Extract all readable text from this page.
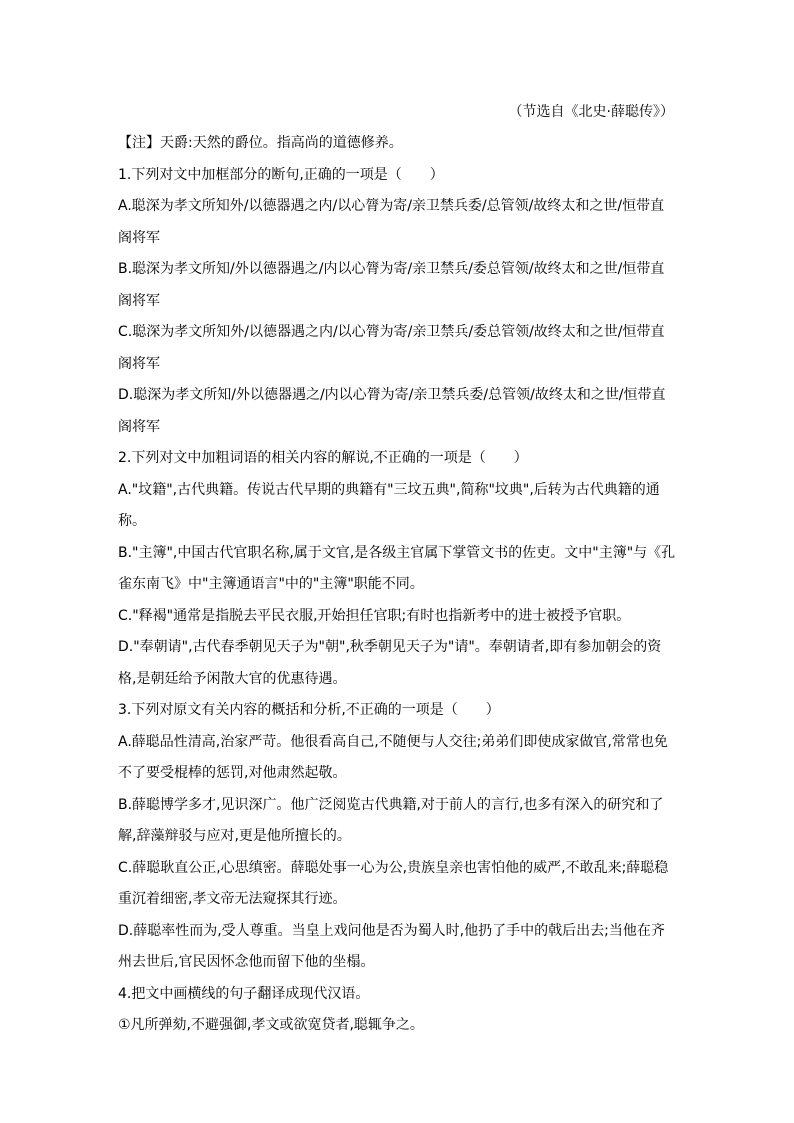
（节选自《北史·薛聪传》）
【注】天爵:天然的爵位。指高尚的道德修养。
1.下列对文中加框部分的断句,正确的一项是（　　）
A.聪深为孝文所知外/以德器遇之内/以心膂为寄/亲卫禁兵委/总管领/故终太和之世/恒带直
阁将军
B.聪深为孝文所知/外以德器遇之/内以心膂为寄/亲卫禁兵/委总管领/故终太和之世/恒带直
阁将军
C.聪深为孝文所知外/以德器遇之内/以心膂为寄/亲卫禁兵/委总管领/故终太和之世/恒带直
阁将军
D.聪深为孝文所知/外以德器遇之/内以心膂为寄/亲卫禁兵委/总管领/故终太和之世/恒带直
阁将军
2.下列对文中加粗词语的相关内容的解说,不正确的一项是（　　）
A."坟籍",古代典籍。传说古代早期的典籍有"三坟五典",简称"坟典",后转为古代典籍的通
称。
B."主簿",中国古代官职名称,属于文官,是各级主官属下掌管文书的佐吏。文中"主簿"与《孔
雀东南飞》中"主簿通语言"中的"主簿"职能不同。
C."释褐"通常是指脱去平民衣服,开始担任官职;有时也指新考中的进士被授予官职。
D."奉朝请",古代春季朝见天子为"朝",秋季朝见天子为"请"。奉朝请者,即有参加朝会的资
格,是朝廷给予闲散大官的优惠待遇。
3.下列对原文有关内容的概括和分析,不正确的一项是（　　）
A.薛聪品性清高,治家严苛。他很看高自己,不随便与人交往;弟弟们即使成家做官,常常也免
不了要受棍棒的惩罚,对他肃然起敬。
B.薛聪博学多才,见识深广。他广泛阅览古代典籍,对于前人的言行,也多有深入的研究和了
解,辞藻辩驳与应对,更是他所擅长的。
C.薛聪耿直公正,心思缜密。薛聪处事一心为公,贵族皇亲也害怕他的威严,不敢乱来;薛聪稳
重沉着细密,孝文帝无法窥探其行迹。
D.薛聪率性而为,受人尊重。当皇上戏问他是否为蜀人时,他扔了手中的戟后出去;当他在齐
州去世后,官民因怀念他而留下他的坐榻。
4.把文中画横线的句子翻译成现代汉语。
①凡所弹劾,不避强御,孝文或欲宽贷者,聪辄争之。
